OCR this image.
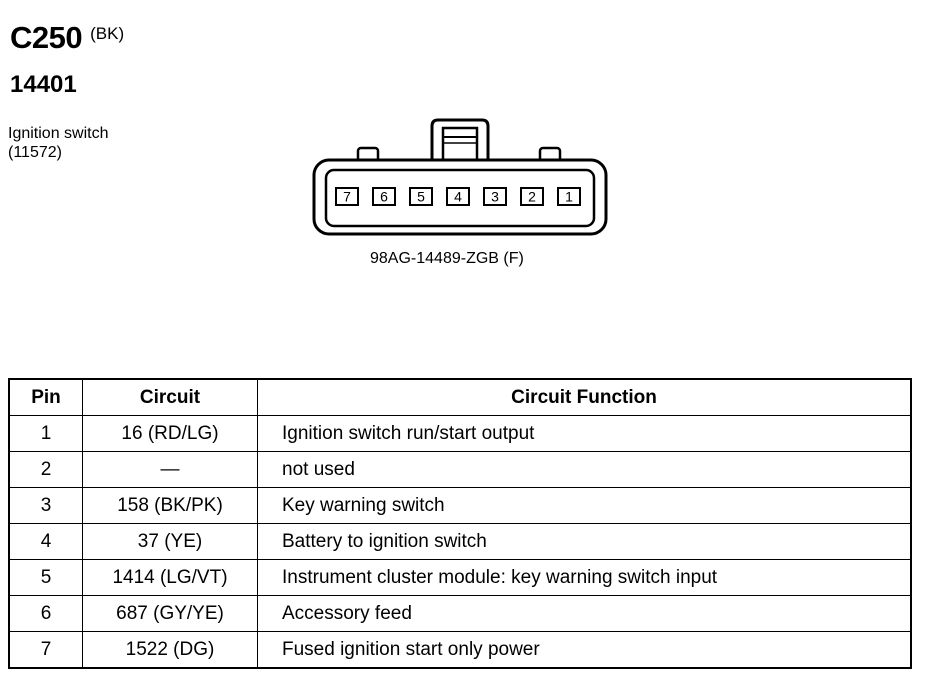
C250 (BK)
14401
Ignition switch
(11572)
7 6 5 4 3 2 1
98AG-14489-ZGB (F)
Pin	Circuit	Circuit Function
1	16 (RD/LG)	Ignition switch run/start output
2	—	not used
3	158 (BK/PK)	Key warning switch
4	37 (YE)	Battery to ignition switch
5	1414 (LG/VT)	Instrument cluster module: key warning switch input
6	687 (GY/YE)	Accessory feed
7	1522 (DG)	Fused ignition start only power
